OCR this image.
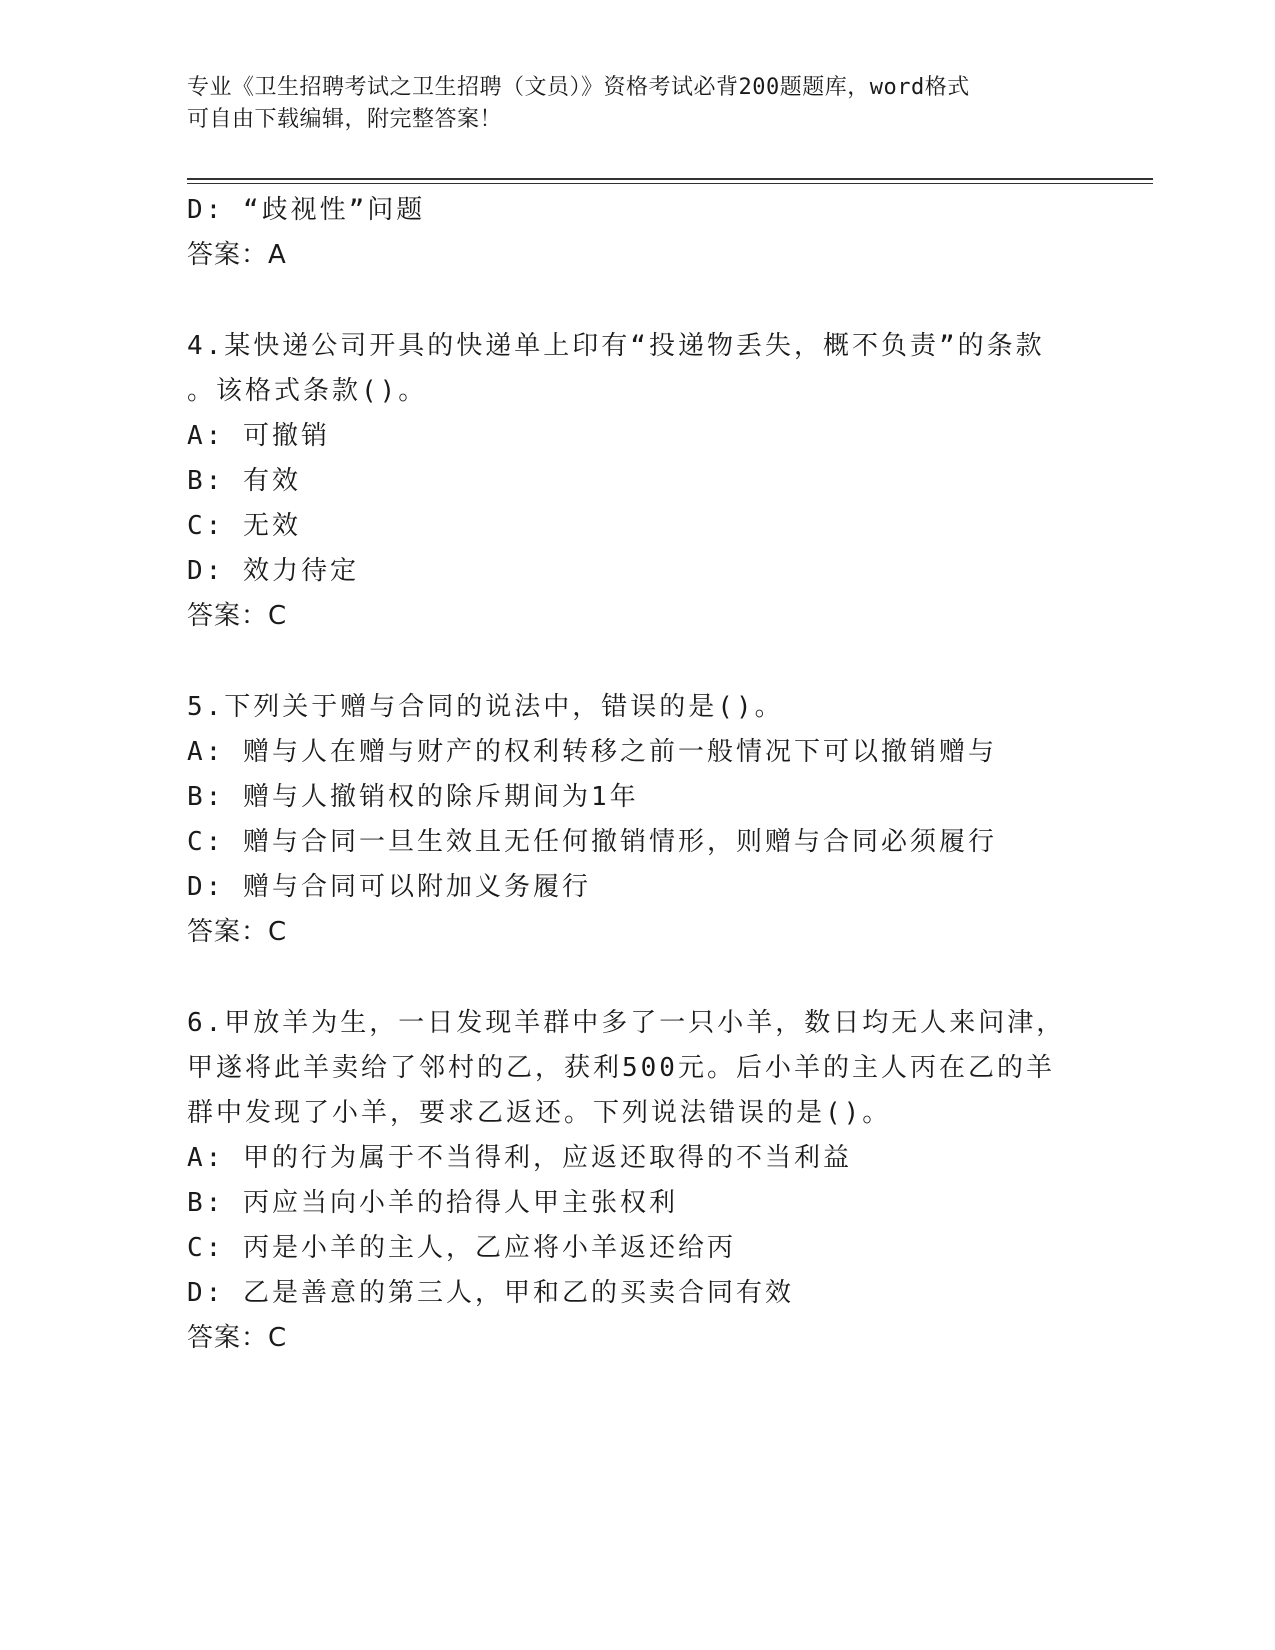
专业《卫生招聘考试之卫生招聘（文员）》资格考试必背200题题库，word格式
可自由下载编辑，附完整答案！
D: “歧视性”问题
答案：A
4.某快递公司开具的快递单上印有“投递物丢失，概不负责”的条款
。该格式条款()。
A: 可撤销
B: 有效
C: 无效
D: 效力待定
答案：C
5.下列关于赠与合同的说法中，错误的是()。
A: 赠与人在赠与财产的权利转移之前一般情况下可以撤销赠与
B: 赠与人撤销权的除斥期间为1年
C: 赠与合同一旦生效且无任何撤销情形，则赠与合同必须履行
D: 赠与合同可以附加义务履行
答案：C
6.甲放羊为生，一日发现羊群中多了一只小羊，数日均无人来问津，
甲遂将此羊卖给了邻村的乙，获利500元。后小羊的主人丙在乙的羊
群中发现了小羊，要求乙返还。下列说法错误的是()。
A: 甲的行为属于不当得利，应返还取得的不当利益
B: 丙应当向小羊的拾得人甲主张权利
C: 丙是小羊的主人，乙应将小羊返还给丙
D: 乙是善意的第三人，甲和乙的买卖合同有效
答案：C
